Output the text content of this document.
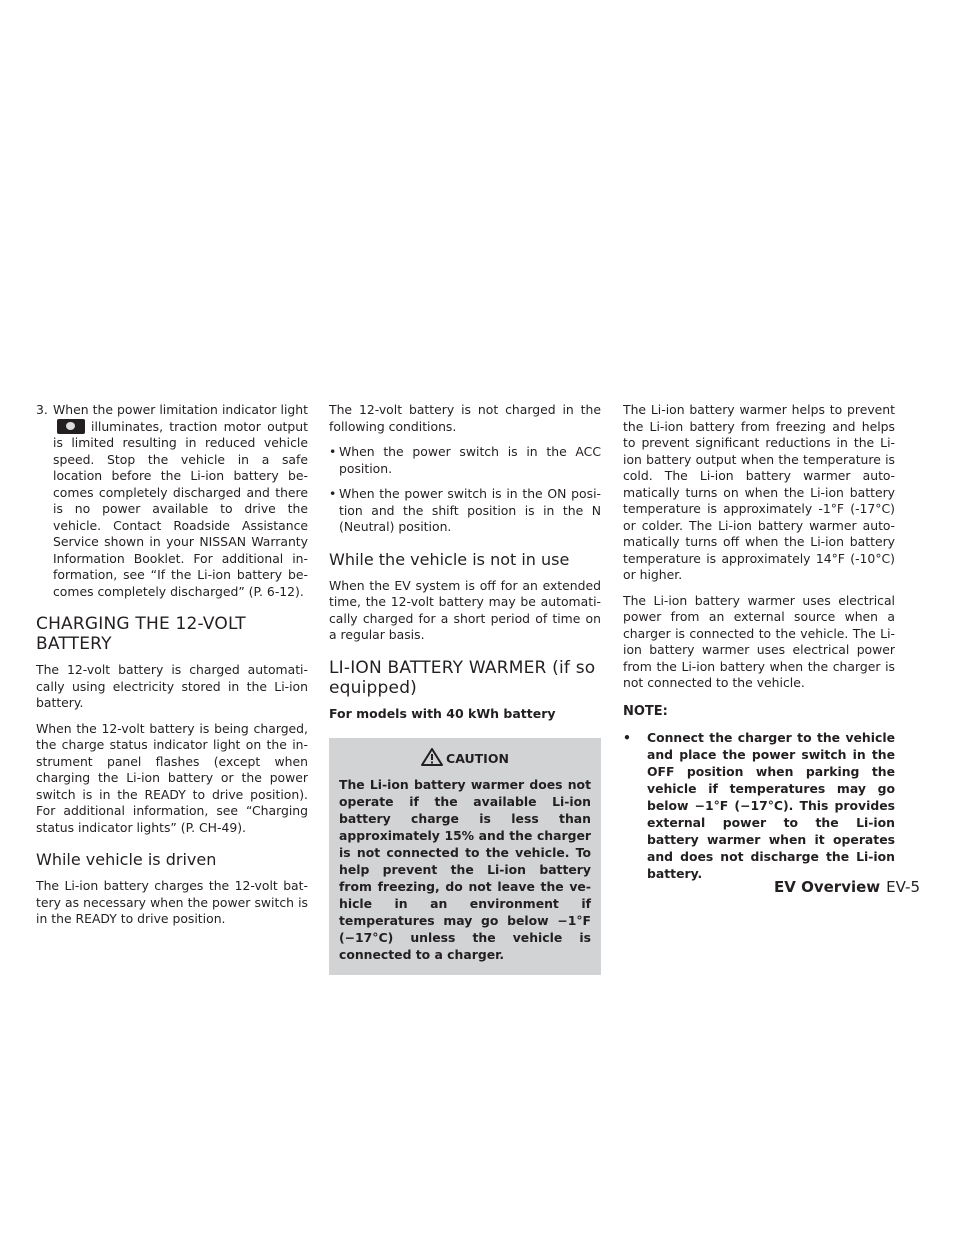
3. When the power limitation indicator lightilluminates, traction motor output is limited resulting in reduced vehicle speed. Stop the vehicle in a safe location before the Li-ion battery becomes completely discharged and there is no power available to drive the vehicle. Contact Roadside Assistance Service shown in your NISSAN Warranty Information Booklet. For additional information, see “If the Li-ion battery becomes completely discharged” (P. 6-12).
CHARGING THE 12-VOLT BATTERY

The 12-volt battery is charged automatically using electricity stored in the Li-ion battery.

When the 12-volt battery is being charged, the charge status indicator light on the instrument panel flashes (except when charging the Li-ion battery or the power switch is in the READY to drive position). For additional information, see “Charging status indicator lights” (P. CH-49).

While vehicle is driven

The Li-ion battery charges the 12-volt battery as necessary when the power switch is in the READY to drive position.

The 12-volt battery is not charged in the following conditions.

• When the power switch is in the ACC position.
• When the power switch is in the ON position and the shift position is in the N (Neutral) position.
While the vehicle is not in use

When the EV system is off for an extended time, the 12-volt battery may be automatically charged for a short period of time on a regular basis.

LI-ION BATTERY WARMER (if so equipped)
For models with 40 kWh battery
CAUTION

The Li-ion battery warmer does not operate if the available Li-ion battery charge is less than approximately 15% and the charger is not connected to the vehicle. To help prevent the Li-ion battery from freezing, do not leave the vehicle in an environment if temperatures may go below −1°F (−17°C) unless the vehicle is connected to a charger.

The Li-ion battery warmer helps to prevent the Li-ion battery from freezing and helps to prevent significant reductions in the Li-ion battery output when the temperature is cold. The Li-ion battery warmer automatically turns on when the Li-ion battery temperature is approximately -1°F (-17°C) or colder. The Li-ion battery warmer automatically turns off when the Li-ion battery temperature is approximately 14°F (-10°C) or higher.

The Li-ion battery warmer uses electrical power from an external source when a charger is connected to the vehicle. The Li-ion battery warmer uses electrical power from the Li-ion battery when the charger is not connected to the vehicle.

NOTE:
• Connect the charger to the vehicle and place the power switch in the OFF position when parking the vehicle if temperatures may go below −1°F (−17°C). This provides external power to the Li-ion battery warmer when it operates and does not discharge the Li-ion battery.
EV Overview EV-5
